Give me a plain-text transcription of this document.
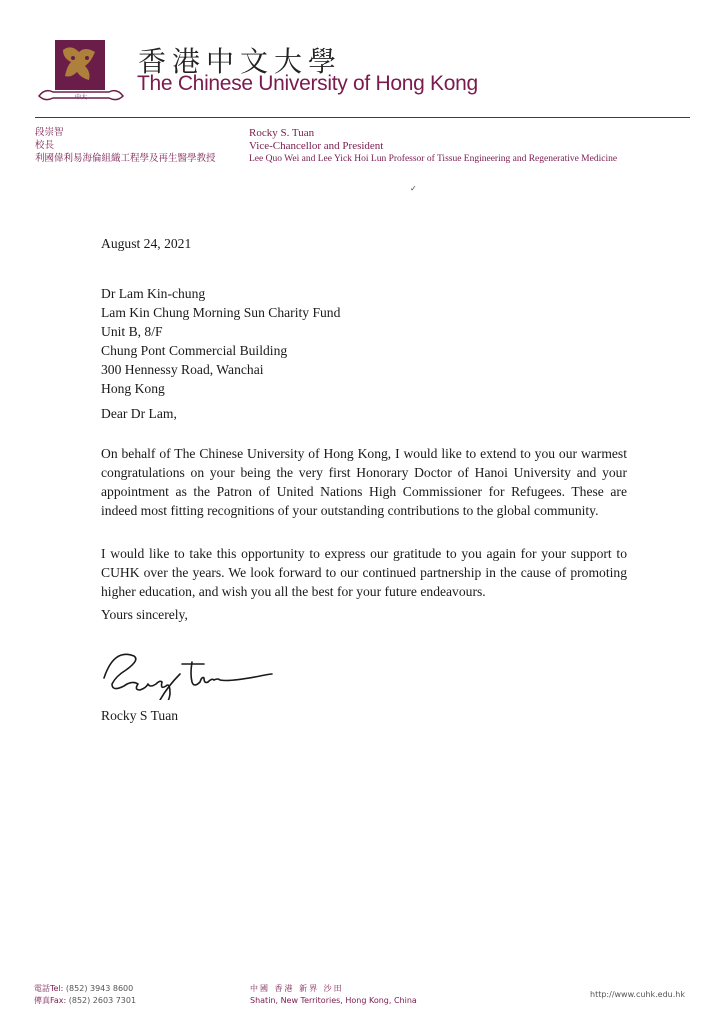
中大
香港中文大學
The Chinese University of Hong Kong
段崇智
校長
利國偉利易海倫組織工程學及再生醫學教授
Rocky S. Tuan
Vice-Chancellor and President
Lee Quo Wei and Lee Yick Hoi Lun Professor of Tissue Engineering and Regenerative Medicine
✓
August 24, 2021
Dr Lam Kin-chung
Lam Kin Chung Morning Sun Charity Fund
Unit B, 8/F
Chung Pont Commercial Building
300 Hennessy Road, Wanchai
Hong Kong
Dear Dr Lam,
On behalf of The Chinese University of Hong Kong, I would like to extend to you our warmest congratulations on your being the very first Honorary Doctor of Hanoi University and your appointment as the Patron of United Nations High Commissioner for Refugees. These are indeed most fitting recognitions of your outstanding contributions to the global community.
I would like to take this opportunity to express our gratitude to you again for your support to CUHK over the years. We look forward to our continued partnership in the cause of promoting higher education, and wish you all the best for your future endeavours.
Yours sincerely,
Rocky S Tuan
電話Tel: (852) 3943 8600
傳真Fax: (852) 2603 7301
中國 香港 新界 沙田
Shatin, New Territories, Hong Kong, China
http://www.cuhk.edu.hk
